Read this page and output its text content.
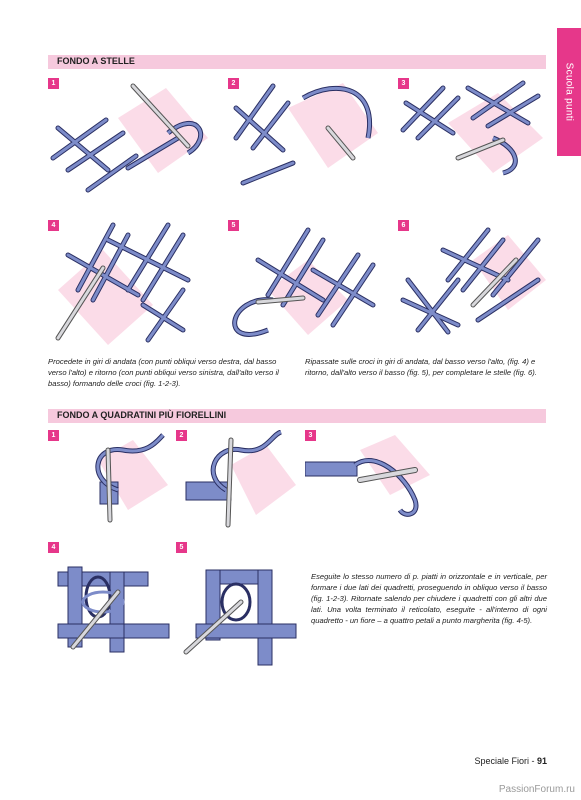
Scuola punti
FONDO A STELLE
1	2	3
4	5	6
Procedete in giri di andata (con punti obliqui verso destra, dal basso verso l'alto) e ritorno (con punti obliqui verso sinistra, dall'alto verso il basso) formando delle croci (fig. 1-2-3).
Ripassate sulle croci in giri di andata, dal basso verso l'alto, (fig. 4) e ritorno, dall'alto verso il basso (fig. 5), per completare le stelle (fig. 6).
FONDO A QUADRATINI PIÙ FIORELLINI
1	2	3
4	5
Eseguite lo stesso numero di p. piatti in orizzontale e in verticale, per formare i due lati dei quadretti, proseguendo in obliquo verso il basso (fig. 1-2-3). Ritornate salendo per chiudere i quadretti con gli altri due lati. Una volta terminato il reticolato, eseguite - all'interno di ogni quadretto - un fiore – a quattro petali a punto margherita (fig. 4-5).
Speciale Fiori - 91
PassionForum.ru
